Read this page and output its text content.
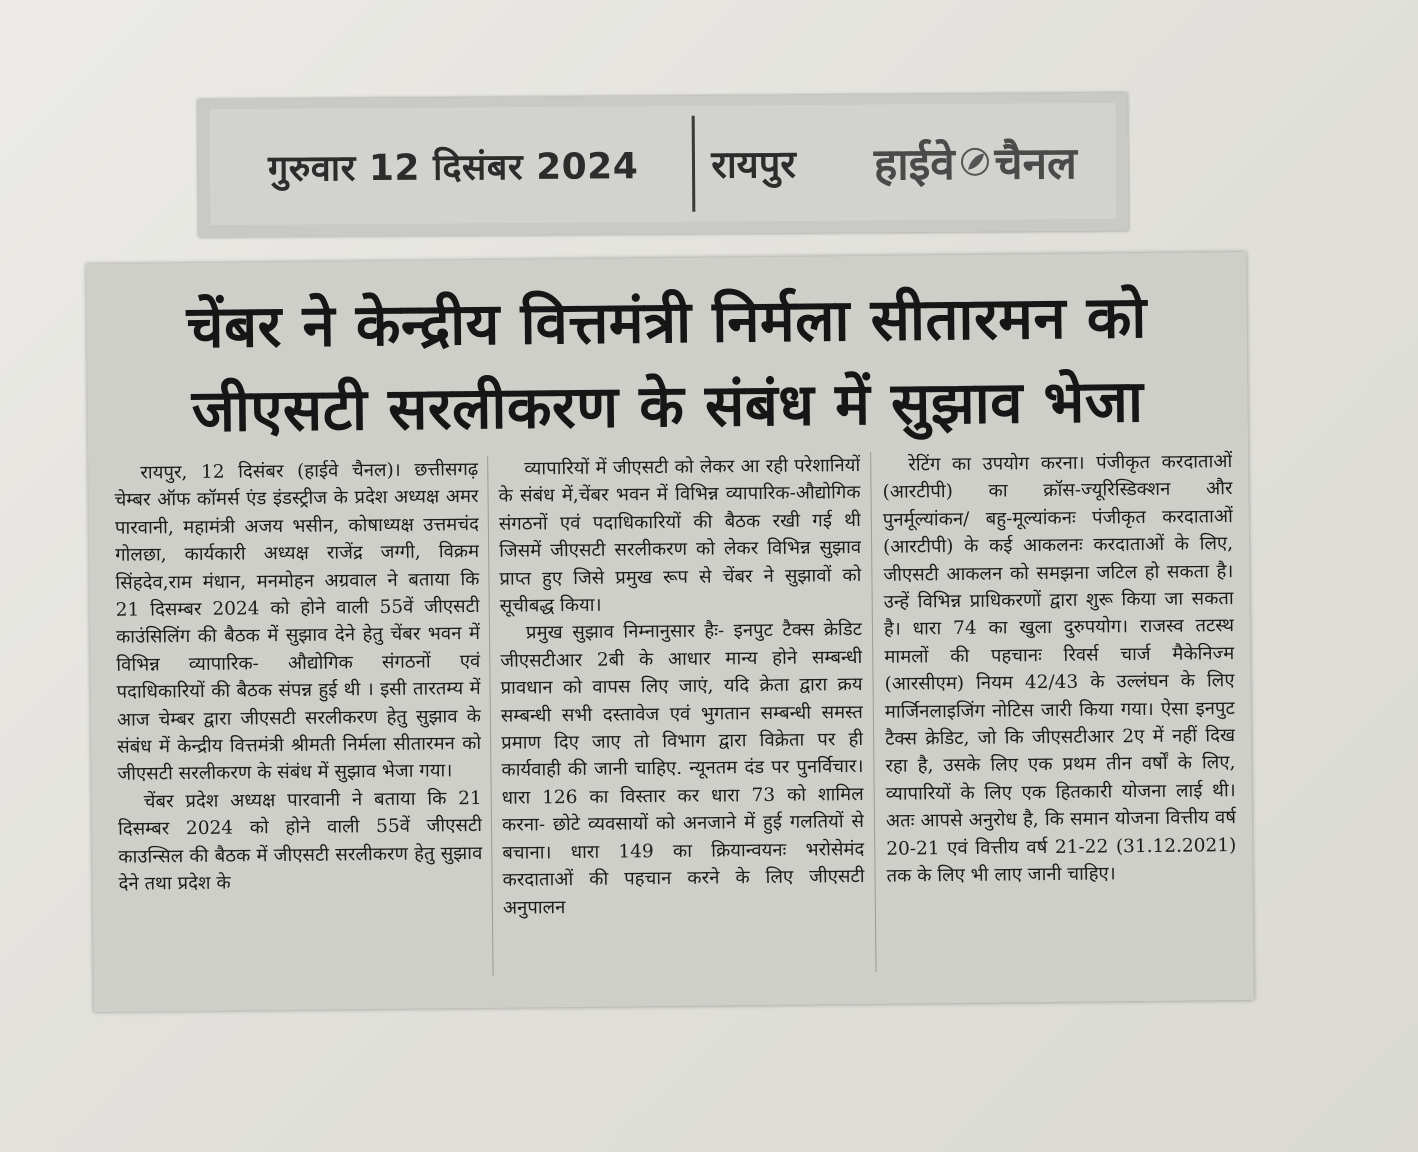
गुरुवार 12 दिसंबर 2024 रायपुर हाईवे चैनल
चेंबर ने केन्द्रीय वित्तमंत्री निर्मला सीतारमन को
जीएसटी सरलीकरण के संबंध में सुझाव भेजा

रायपुर, 12 दिसंबर (हाईवे चैनल)। छत्तीसगढ़ चेम्बर ऑफ कॉमर्स एंड इंडस्ट्रीज के प्रदेश अध्यक्ष अमर पारवानी, महामंत्री अजय भसीन, कोषाध्यक्ष उत्तमचंद गोलछा, कार्यकारी अध्यक्ष राजेंद्र जग्गी, विक्रम सिंहदेव,राम मंधान, मनमोहन अग्रवाल ने बताया कि 21 दिसम्बर 2024 को होने वाली 55वें जीएसटी काउंसिलिंग की बैठक में सुझाव देने हेतु चेंबर भवन में विभिन्न व्यापारिक- औद्योगिक संगठनों एवं पदाधिकारियों की बैठक संपन्न हुई थी । इसी तारतम्य में आज चेम्बर द्वारा जीएसटी सरलीकरण हेतु सुझाव के संबंध में केन्द्रीय वित्तमंत्री श्रीमती निर्मला सीतारमन को जीएसटी सरलीकरण के संबंध में सुझाव भेजा गया।

चेंबर प्रदेश अध्यक्ष पारवानी ने बताया कि 21 दिसम्बर 2024 को होने वाली 55वें जीएसटी काउन्सिल की बैठक में जीएसटी सरलीकरण हेतु सुझाव देने तथा प्रदेश के

व्यापारियों में जीएसटी को लेकर आ रही परेशानियों के संबंध में,चेंबर भवन में विभिन्न व्यापारिक-औद्योगिक संगठनों एवं पदाधिकारियों की बैठक रखी गई थी जिसमें जीएसटी सरलीकरण को लेकर विभिन्न सुझाव प्राप्त हुए जिसे प्रमुख रूप से चेंबर ने सुझावों को सूचीबद्ध किया।

प्रमुख सुझाव निम्नानुसार हैः- इनपुट टैक्स क्रेडिट जीएसटीआर 2बी के आधार मान्य होने सम्बन्धी प्रावधान को वापस लिए जाएं, यदि क्रेता द्वारा क्रय सम्बन्धी सभी दस्तावेज एवं भुगतान सम्बन्धी समस्त प्रमाण दिए जाए तो विभाग द्वारा विक्रेता पर ही कार्यवाही की जानी चाहिए. न्यूनतम दंड पर पुनर्विचार। धारा 126 का विस्तार कर धारा 73 को शामिल करना- छोटे व्यवसायों को अनजाने में हुई गलतियों से बचाना। धारा 149 का क्रियान्वयनः भरोसेमंद करदाताओं की पहचान करने के लिए जीएसटी अनुपालन

रेटिंग का उपयोग करना। पंजीकृत करदाताओं (आरटीपी) का क्रॉस-ज्यूरिस्डिक्शन और पुनर्मूल्यांकन/ बहु-मूल्यांकनः पंजीकृत करदाताओं (आरटीपी) के कई आकलनः करदाताओं के लिए, जीएसटी आकलन को समझना जटिल हो सकता है। उन्हें विभिन्न प्राधिकरणों द्वारा शुरू किया जा सकता है। धारा 74 का खुला दुरुपयोग। राजस्व तटस्थ मामलों की पहचानः रिवर्स चार्ज मैकेनिज्म (आरसीएम) नियम 42/43 के उल्लंघन के लिए मार्जिनलाइजिंग नोटिस जारी किया गया। ऐसा इनपुट टैक्स क्रेडिट, जो कि जीएसटीआर 2ए में नहीं दिख रहा है, उसके लिए एक प्रथम तीन वर्षों के लिए, व्यापारियों के लिए एक हितकारी योजना लाई थी। अतः आपसे अनुरोध है, कि समान योजना वित्तीय वर्ष 20-21 एवं वित्तीय वर्ष 21-22 (31.12.2021) तक के लिए भी लाए जानी चाहिए।
